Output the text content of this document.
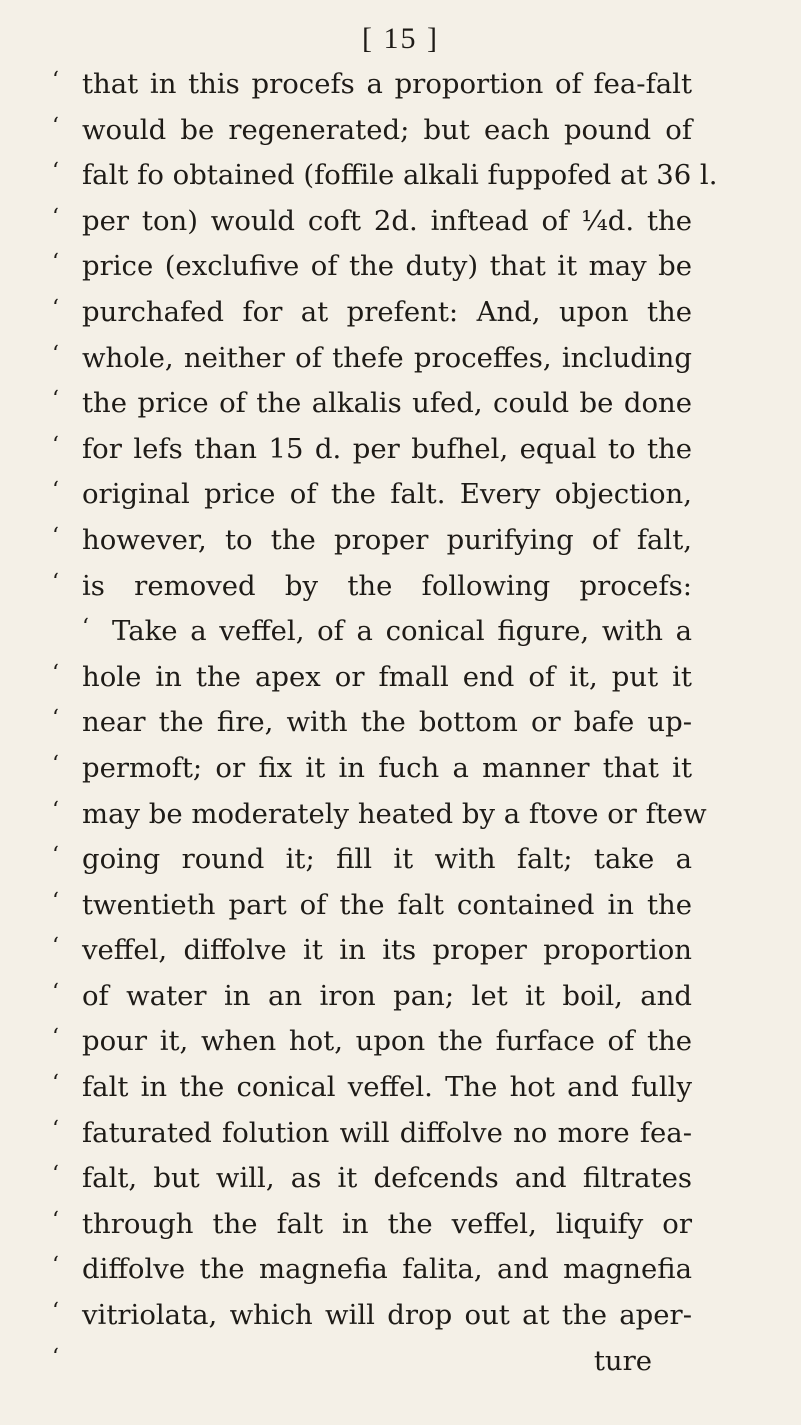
[ 15 ]
‘ that in this procefs a proportion of fea-falt
‘ would be regenerated; but each pound of
‘ falt fo obtained (foffile alkali fuppofed at 36 l.
‘ per ton) would coft 2d. inftead of ¼d. the
‘ price (exclufive of the duty) that it may be
‘ purchafed for at prefent: And, upon the
‘ whole, neither of thefe proceffes, including
‘ the price of the alkalis ufed, could be done
‘ for lefs than 15 d. per bufhel, equal to the
‘ original price of the falt. Every objection,
‘ however, to the proper purifying of falt,
‘ is removed by the following procefs:
‘ Take a veffel, of a conical figure, with a
‘ hole in the apex or fmall end of it, put it
‘ near the fire, with the bottom or bafe up-
‘ permoft; or fix it in fuch a manner that it
‘ may be moderately heated by a ftove or ftew
‘ going round it; fill it with falt; take a
‘ twentieth part of the falt contained in the
‘ veffel, diffolve it in its proper proportion
‘ of water in an iron pan; let it boil, and
‘ pour it, when hot, upon the furface of the
‘ falt in the conical veffel. The hot and fully
‘ faturated folution will diffolve no more fea-
‘ falt, but will, as it defcends and filtrates
‘ through the falt in the veffel, liquify or
‘ diffolve the magnefia falita, and magnefia
‘ vitriolata, which will drop out at the aper-
‘	ture
